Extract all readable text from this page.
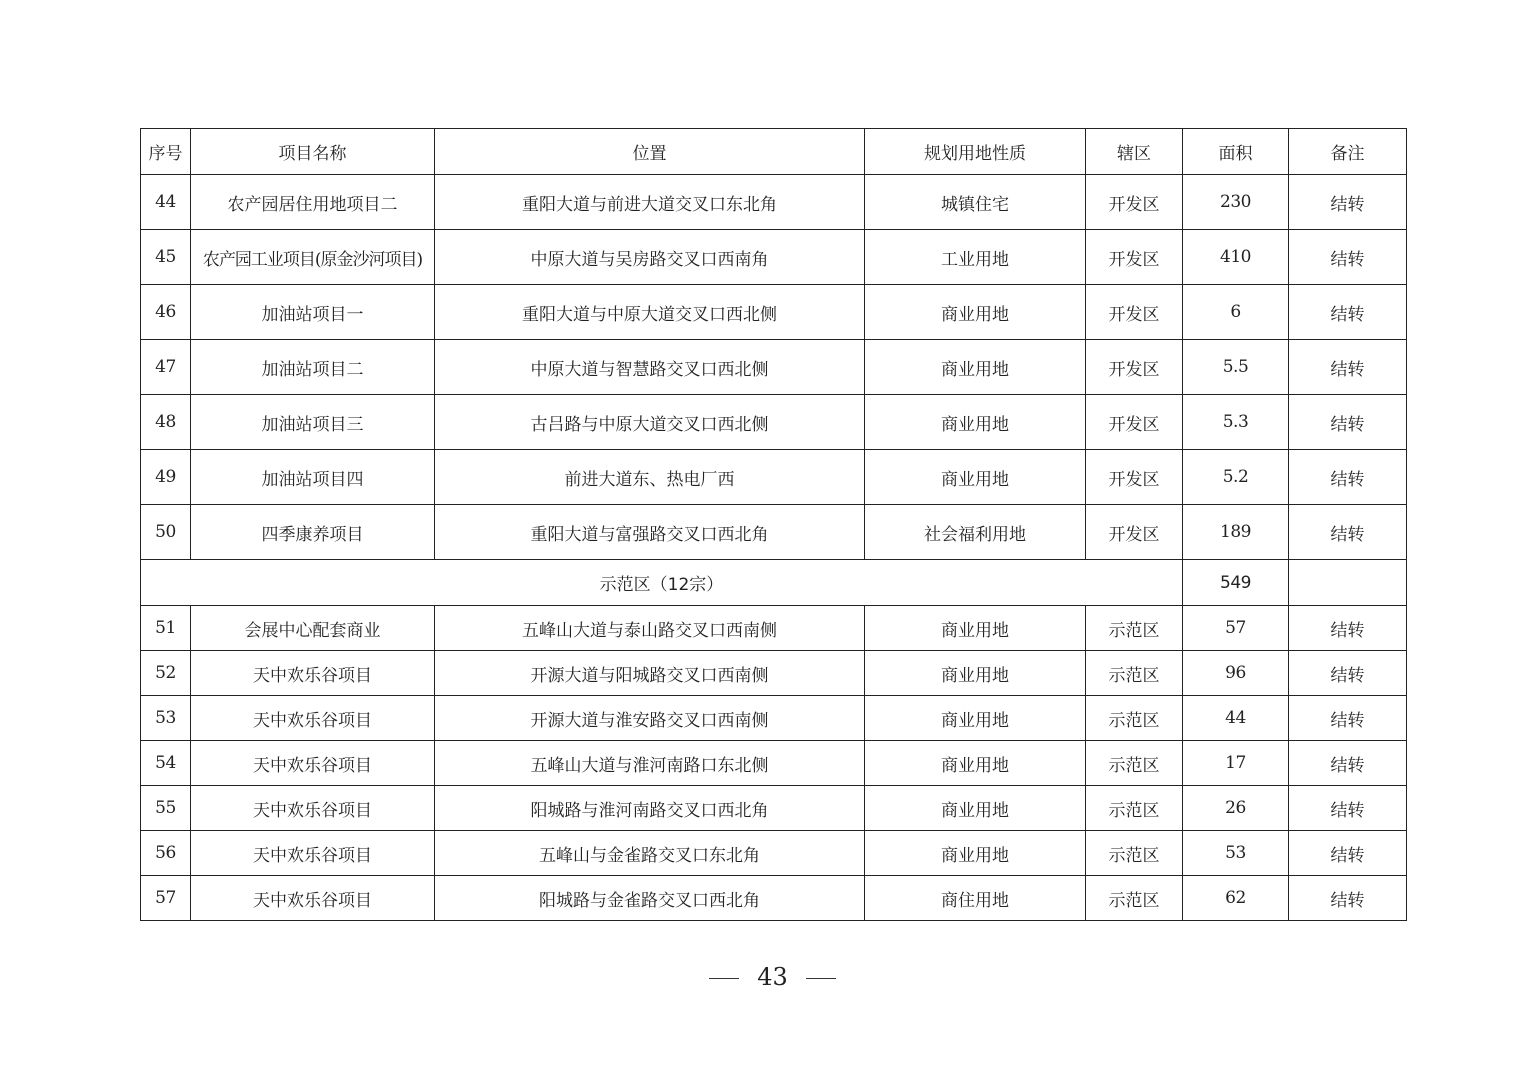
序号	项目名称	位置	规划用地性质	辖区	面积	备注
44	农产园居住用地项目二	重阳大道与前进大道交叉口东北角	城镇住宅	开发区	230	结转
45	农产园工业项目(原金沙河项目)	中原大道与吴房路交叉口西南角	工业用地	开发区	410	结转
46	加油站项目一	重阳大道与中原大道交叉口西北侧	商业用地	开发区	6	结转
47	加油站项目二	中原大道与智慧路交叉口西北侧	商业用地	开发区	5.5	结转
48	加油站项目三	古吕路与中原大道交叉口西北侧	商业用地	开发区	5.3	结转
49	加油站项目四	前进大道东、热电厂西	商业用地	开发区	5.2	结转
50	四季康养项目	重阳大道与富强路交叉口西北角	社会福利用地	开发区	189	结转
示范区（12宗）					549	
51	会展中心配套商业	五峰山大道与泰山路交叉口西南侧	商业用地	示范区	57	结转
52	天中欢乐谷项目	开源大道与阳城路交叉口西南侧	商业用地	示范区	96	结转
53	天中欢乐谷项目	开源大道与淮安路交叉口西南侧	商业用地	示范区	44	结转
54	天中欢乐谷项目	五峰山大道与淮河南路口东北侧	商业用地	示范区	17	结转
55	天中欢乐谷项目	阳城路与淮河南路交叉口西北角	商业用地	示范区	26	结转
56	天中欢乐谷项目	五峰山与金雀路交叉口东北角	商业用地	示范区	53	结转
57	天中欢乐谷项目	阳城路与金雀路交叉口西北角	商住用地	示范区	62	结转
43
